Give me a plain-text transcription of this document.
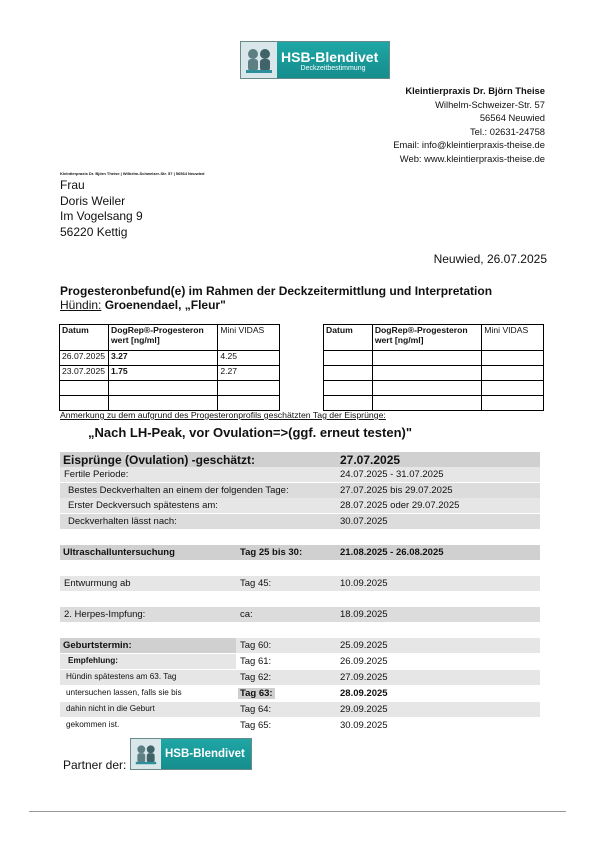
HSB-Blendivet
Deckzeitbestimmung
Kleintierpraxis Dr. Björn Theise
Wilhelm-Schweizer-Str. 57
56564 Neuwied
Tel.: 02631-24758
Email: info@kleintierpraxis-theise.de
Web: www.kleintierpraxis-theise.de
Kleintierpraxis Dr. Björn Theise | Wilhelm-Schweizer-Str. 57 | 56564 Neuwied
Frau
Doris Weiler
Im Vogelsang 9
56220 Kettig
Neuwied, 26.07.2025
Progesteronbefund(e) im Rahmen der Deckzeitermittlung und Interpretation
Hündin: Groenendael, „Fleur"
Datum	DogRep®-Progesteron wert [ng/ml]	Mini VIDAS
26.07.2025	3.27	4.25
23.07.2025	1.75	2.27

Datum	DogRep®-Progesteron wert [ng/ml]	Mini VIDAS

Anmerkung zu dem aufgrund des Progesteronprofils geschätzten Tag der Eisprünge:
„Nach LH-Peak, vor Ovulation=>(ggf. erneut testen)"
Eisprünge (Ovulation) -geschätzt:	27.07.2025
Fertile Periode:	24.07.2025 - 31.07.2025
Bestes Deckverhalten an einem der folgenden Tage:	27.07.2025 bis 29.07.2025
Erster Deckversuch spätestens am:	28.07.2025 oder 29.07.2025
Deckverhalten lässt nach:	30.07.2025
Ultraschalluntersuchung	Tag 25 bis 30:	21.08.2025 - 26.08.2025
Entwurmung ab	Tag 45:	10.09.2025
2. Herpes-Impfung:	ca:	18.09.2025
Geburtstermin:	Tag 60:	25.09.2025
Empfehlung:	Tag 61:	26.09.2025
Hündin spätestens am 63. Tag	Tag 62:	27.09.2025
untersuchen lassen, falls sie bis	Tag 63:	28.09.2025
dahin nicht in die Geburt	Tag 64:	29.09.2025
gekommen ist.	Tag 65:	30.09.2025
Partner der:
HSB-Blendivet
